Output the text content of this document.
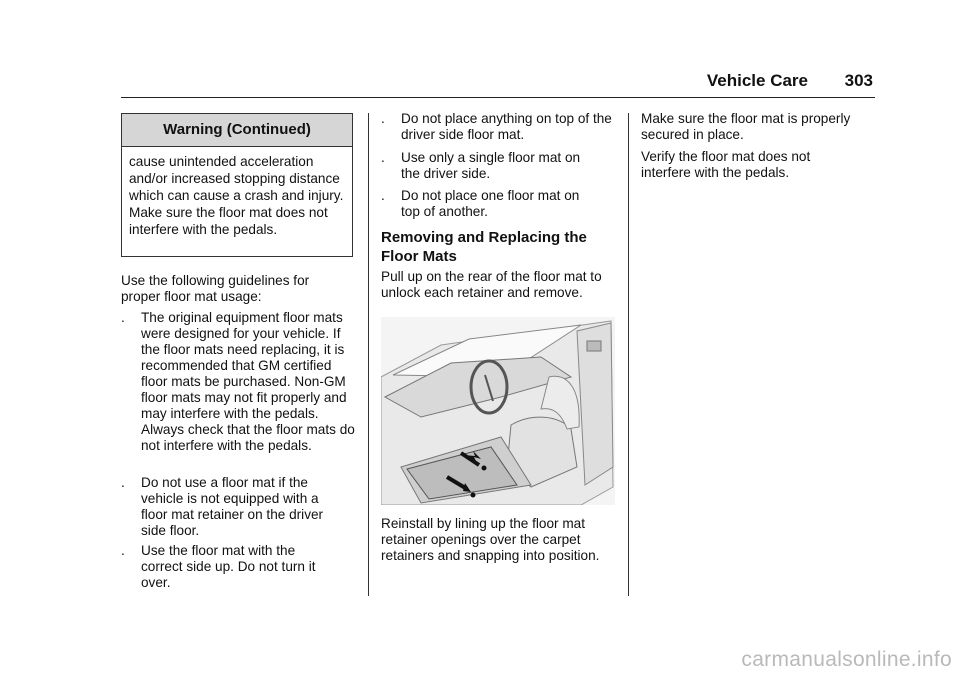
Vehicle Care 303
Warning (Continued)
cause unintended acceleration and/or increased stopping distance which can cause a crash and injury. Make sure the floor mat does not interfere with the pedals.

Use the following guidelines for proper floor mat usage:

. The original equipment floor mats were designed for your vehicle. If the floor mats need replacing, it is recommended that GM certified floor mats be purchased. Non-GM floor mats may not fit properly and may interfere with the pedals. Always check that the floor mats do not interfere with the pedals.

. Do not use a floor mat if the vehicle is not equipped with a floor mat retainer on the driver side floor.

. Use the floor mat with the correct side up. Do not turn it over.

. Do not place anything on top of the driver side floor mat.

. Use only a single floor mat on the driver side.

. Do not place one floor mat on top of another.

Removing and Replacing the Floor Mats

Pull up on the rear of the floor mat to unlock each retainer and remove.

Reinstall by lining up the floor mat retainer openings over the carpet retainers and snapping into position.

Make sure the floor mat is properly secured in place.

Verify the floor mat does not interfere with the pedals.

carmanualsonline.info
